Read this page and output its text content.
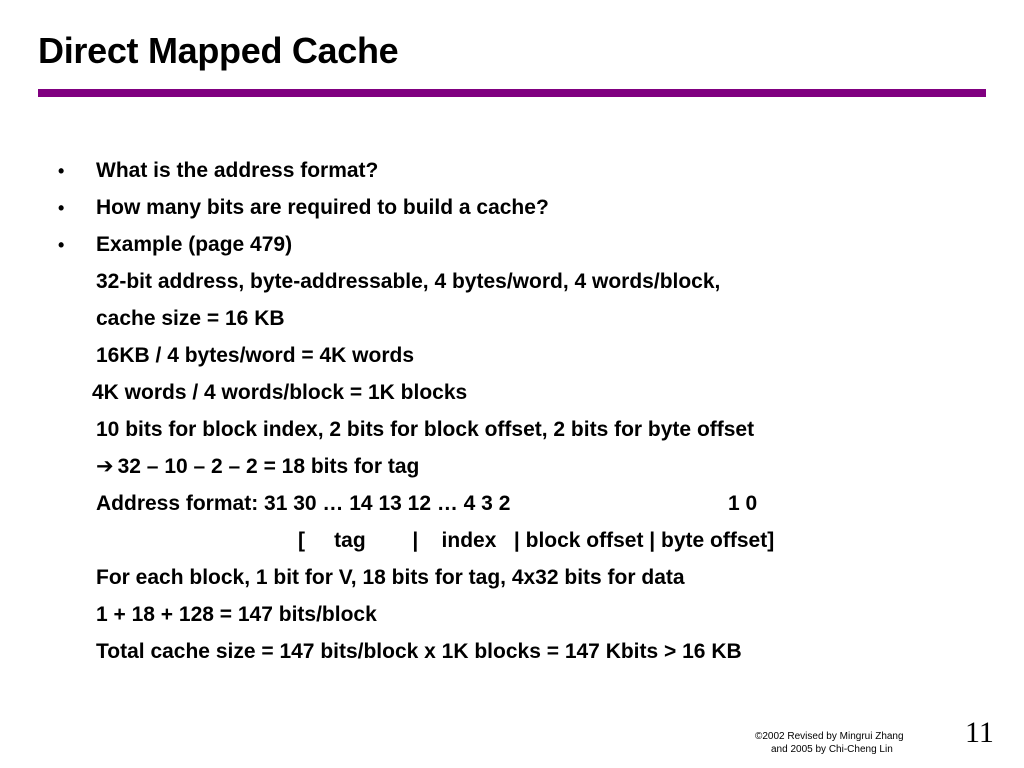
Direct Mapped Cache
• What is the address format?
• How many bits are required to build a cache?
• Example (page 479)
32-bit address, byte-addressable, 4 bytes/word, 4 words/block,
cache size = 16 KB
16KB / 4 bytes/word = 4K words
4K words / 4 words/block = 1K blocks
10 bits for block index, 2 bits for block offset, 2 bits for byte offset
➔ 32 – 10 – 2 – 2 = 18 bits for tag
Address format: 31 30 … 14 13 12 … 4 3 2	1 0
[     tag        |    index   | block offset | byte offset]
For each block, 1 bit for V, 18 bits for tag, 4x32 bits for data
1 + 18 + 128 = 147 bits/block
Total cache size = 147 bits/block x 1K blocks = 147 Kbits > 16 KB
©2002 Revised by Mingrui Zhang
and 2005 by Chi-Cheng Lin
11
